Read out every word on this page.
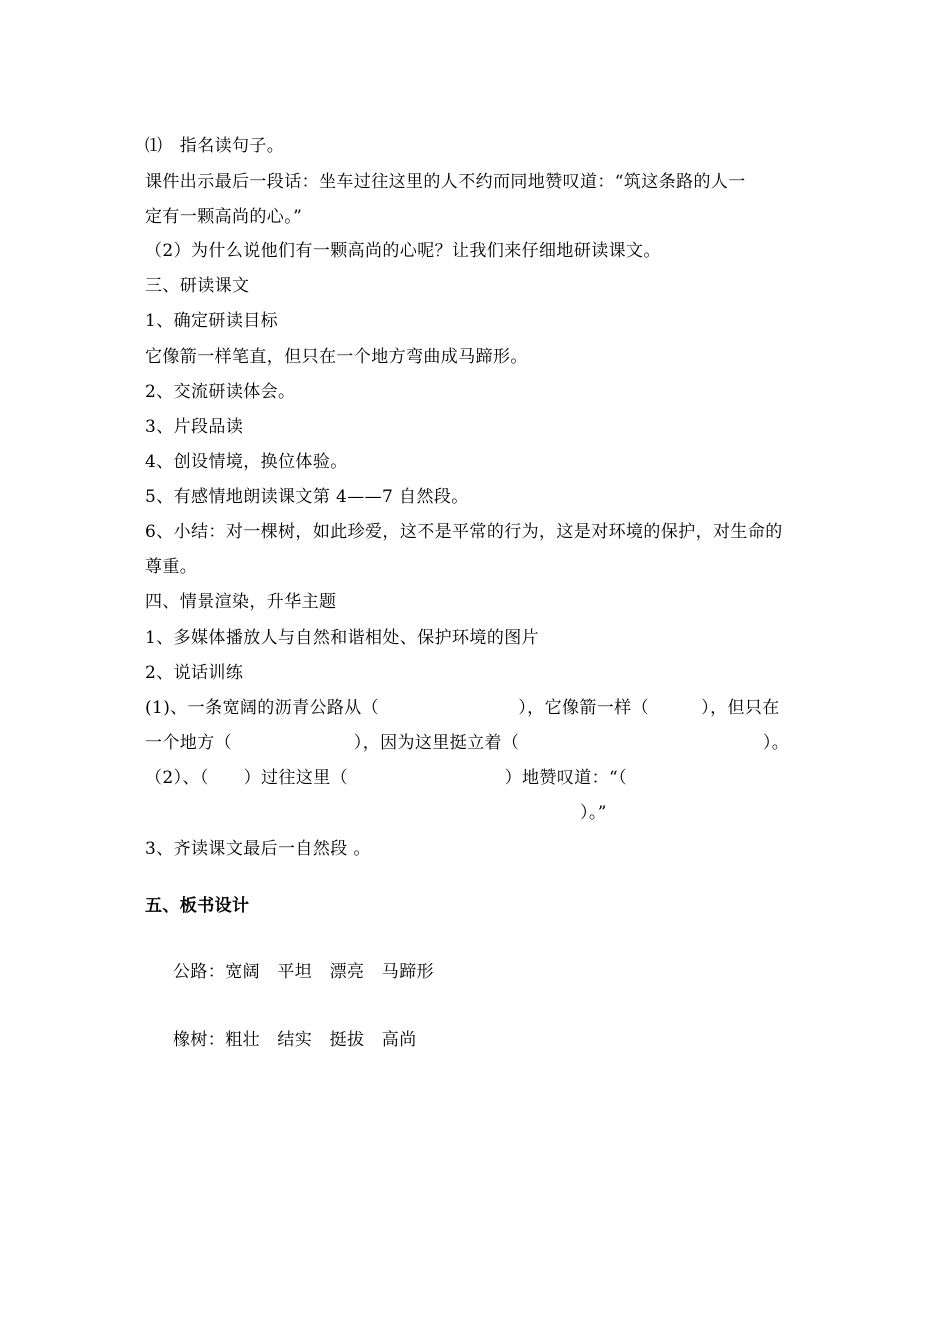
⑴　指名读句子。
课件出示最后一段话：坐车过往这里的人不约而同地赞叹道：“筑这条路的人一
定有一颗高尚的心。”
（2）为什么说他们有一颗高尚的心呢？让我们来仔细地研读课文。
三、研读课文
1、确定研读目标
它像箭一样笔直，但只在一个地方弯曲成马蹄形。
2、交流研读体会。
3、片段品读
4、创设情境，换位体验。
5、有感情地朗读课文第 4——7 自然段。
6、小结：对一棵树，如此珍爱，这不是平常的行为，这是对环境的保护，对生命的
尊重。
四、情景渲染，升华主题
1、多媒体播放人与自然和谐相处、保护环境的图片
2、说话训练
(1)、一条宽阔的沥青公路从（　　　　　　　　），它像箭一样（　　　），但只在
一个地方（　　　　　　　），因为这里挺立着（　　　　　　　　　　　　　　）。
（2）、（　　）过往这里（　　　　　　　　　）地赞叹道：“（
　　　　　　　　　　　　　　　　　　　　　　　　　）。”
3、齐读课文最后一自然段 。
五、板书设计
公路：宽阔　平坦　漂亮　马蹄形
橡树：粗壮　结实　挺拔　高尚
